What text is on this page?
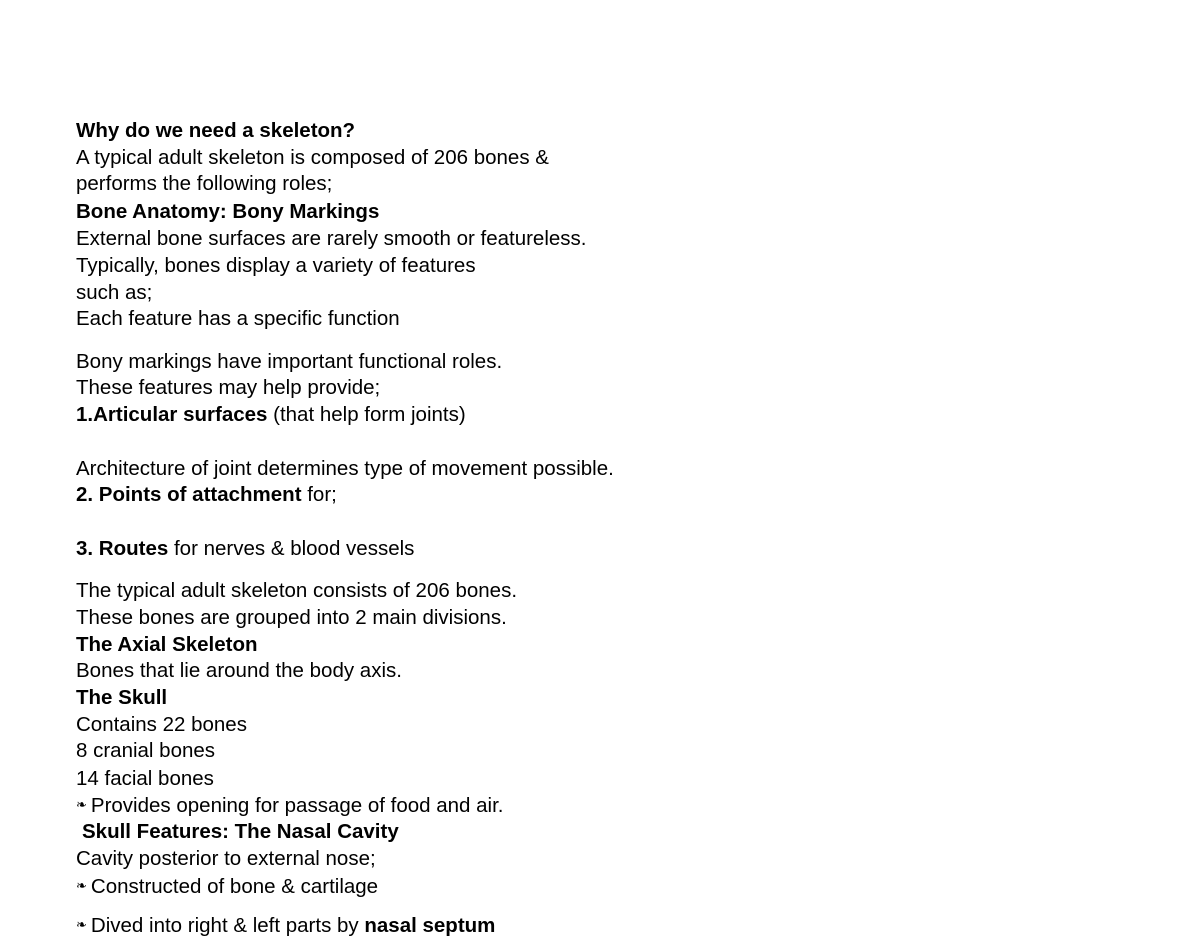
Why do we need a skeleton?
A typical adult skeleton is composed of 206 bones &
performs the following roles;
Bone Anatomy: Bony Markings
External bone surfaces are rarely smooth or featureless.
Typically, bones display a variety of features
such as;
Each feature has a specific function
Bony markings have important functional roles.
These features may help provide;
1.Articular surfaces (that help form joints)
Architecture of joint determines type of movement possible.
2. Points of attachment for;
3. Routes for nerves & blood vessels
The typical adult skeleton consists of 206 bones.
These bones are grouped into 2 main divisions.
The Axial Skeleton
Bones that lie around the body axis.
The Skull
Contains 22 bones
8 cranial bones
14 facial bones
❧ Provides opening for passage of food and air.
Skull Features: The Nasal Cavity
Cavity posterior to external nose;
❧ Constructed of bone & cartilage
❧ Dived into right & left parts by nasal septum
